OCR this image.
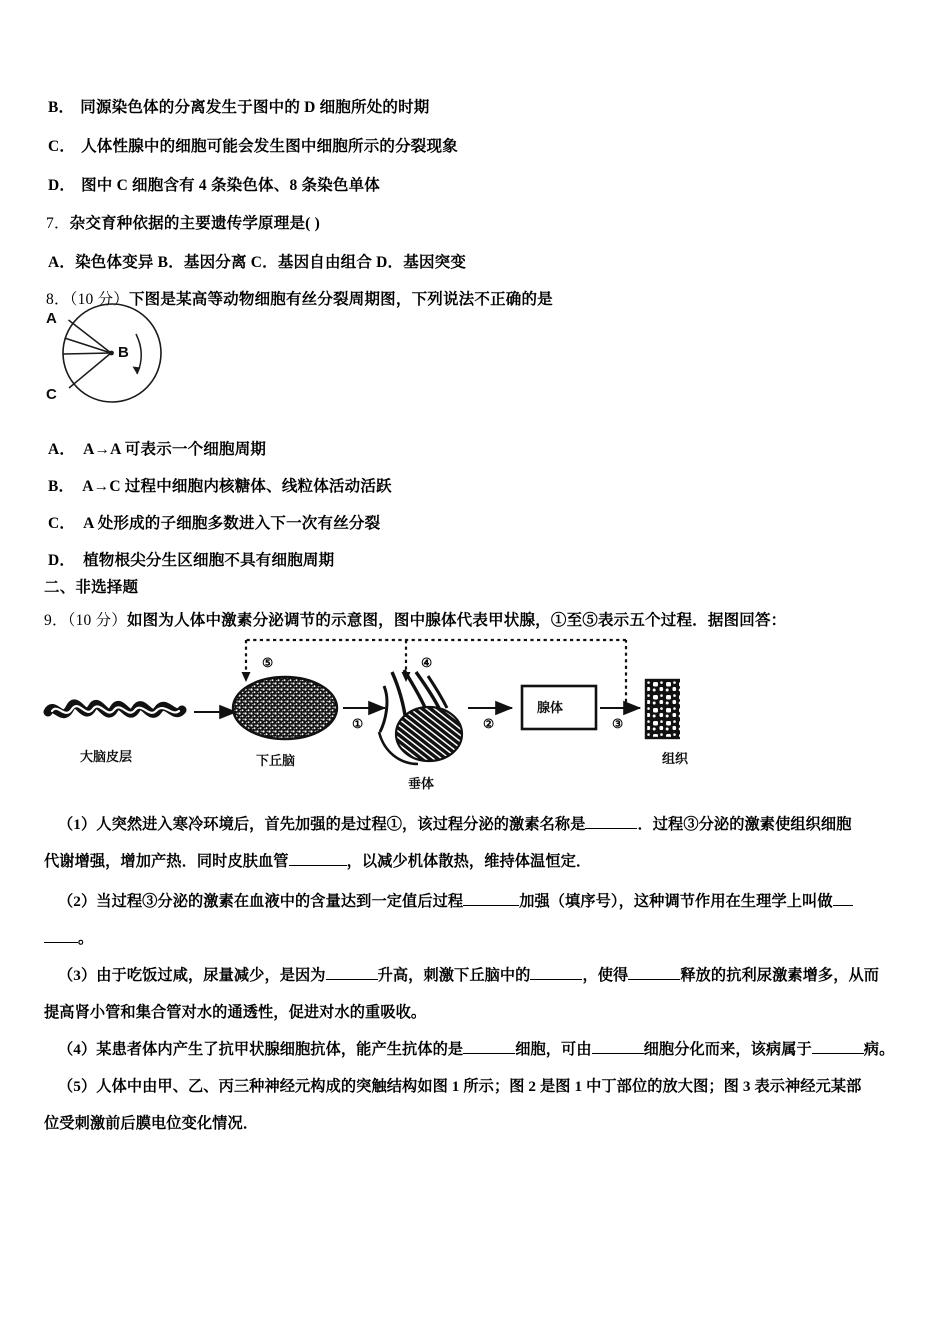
B． 同源染色体的分离发生于图中的 D 细胞所处的时期
C． 人体性腺中的细胞可能会发生图中细胞所示的分裂现象
D． 图中 C 细胞含有 4 条染色体、8 条染色单体
7．杂交育种依据的主要遗传学原理是( )
A．染色体变异 B．基因分离 C．基因自由组合 D．基因突变
8．（10 分）下图是某高等动物细胞有丝分裂周期图，下列说法不正确的是
A
B
C
A． A→A 可表示一个细胞周期
B． A→C 过程中细胞内核糖体、线粒体活动活跃
C． A 处形成的子细胞多数进入下一次有丝分裂
D． 植物根尖分生区细胞不具有细胞周期
二、非选择题
9．（10 分）如图为人体中激素分泌调节的示意图，图中腺体代表甲状腺，①至⑤表示五个过程．据图回答：
大脑皮层	下丘脑
垂体
腺体
组织
①	②	③
④
⑤
（1）人突然进入寒冷环境后，首先加强的是过程①，该过程分泌的激素名称是	．过程③分泌的激素使组织细胞
代谢增强，增加产热．同时皮肤血管	，以减少机体散热，维持体温恒定．
（2）当过程③分泌的激素在血液中的含量达到一定值后过程	加强（填序号），这种调节作用在生理学上叫做
。
（3）由于吃饭过咸，尿量减少，是因为	升高，刺激下丘脑中的	，使得	释放的抗利尿激素增多，从而
提高肾小管和集合管对水的通透性，促进对水的重吸收。
（4）某患者体内产生了抗甲状腺细胞抗体，能产生抗体的是	细胞，可由	细胞分化而来，该病属于	病。
（5）人体中由甲、乙、丙三种神经元构成的突触结构如图 1 所示；图 2 是图 1 中丁部位的放大图；图 3 表示神经元某部
位受刺激前后膜电位变化情况．
